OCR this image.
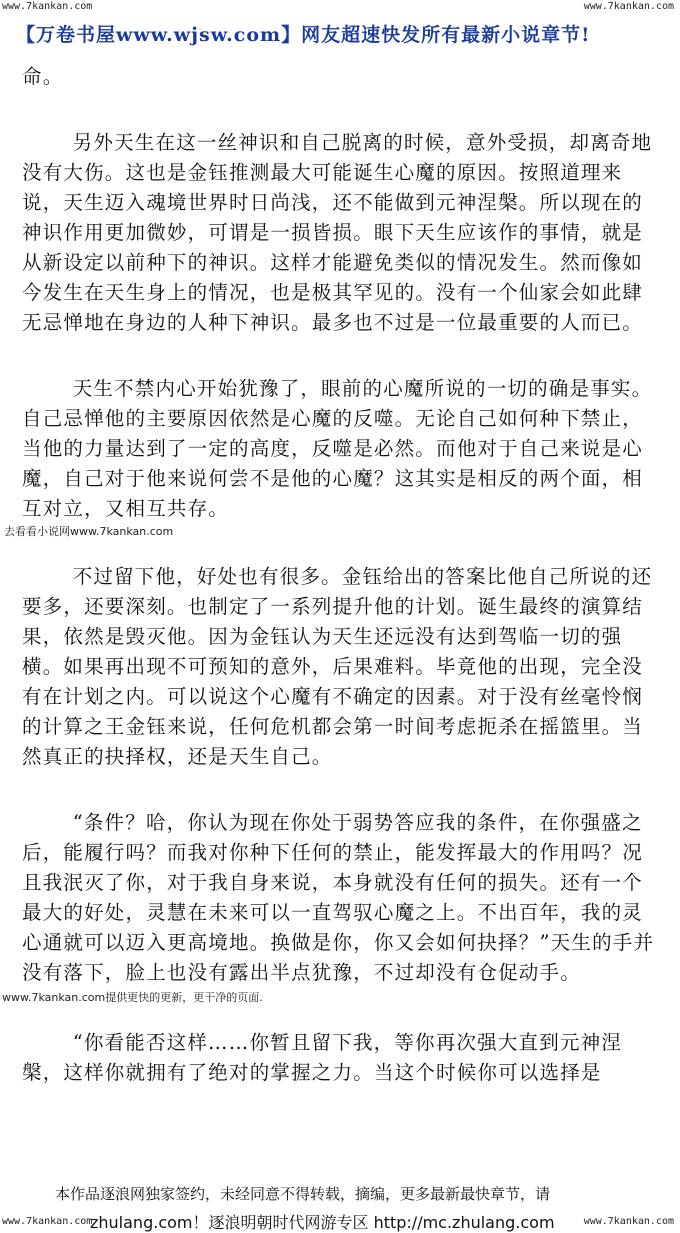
www.7kankan.com	www.7kankan.com
【万卷书屋www.wjsw.com】网友超速快发所有最新小说章节!

命。

另外天生在这一丝神识和自己脱离的时候，意外受损，却离奇地没有大伤。这也是金钰推测最大可能诞生心魔的原因。按照道理来说，天生迈入魂境世界时日尚浅，还不能做到元神涅槃。所以现在的神识作用更加微妙，可谓是一损皆损。眼下天生应该作的事情，就是从新设定以前种下的神识。这样才能避免类似的情况发生。然而像如今发生在天生身上的情况，也是极其罕见的。没有一个仙家会如此肆无忌惮地在身边的人种下神识。最多也不过是一位最重要的人而已。

天生不禁内心开始犹豫了，眼前的心魔所说的一切的确是事实。自己忌惮他的主要原因依然是心魔的反噬。无论自己如何种下禁止，当他的力量达到了一定的高度，反噬是必然。而他对于自己来说是心魔，自己对于他来说何尝不是他的心魔？这其实是相反的两个面，相互对立，又相互共存。

去看看小说网www.7kankan.com

不过留下他，好处也有很多。金钰给出的答案比他自己所说的还要多，还要深刻。也制定了一系列提升他的计划。诞生最终的演算结果，依然是毁灭他。因为金钰认为天生还远没有达到驾临一切的强横。如果再出现不可预知的意外，后果难料。毕竟他的出现，完全没有在计划之内。可以说这个心魔有不确定的因素。对于没有丝毫怜悯的计算之王金钰来说，任何危机都会第一时间考虑扼杀在摇篮里。当然真正的抉择权，还是天生自己。

“条件？哈，你认为现在你处于弱势答应我的条件，在你强盛之后，能履行吗？而我对你种下任何的禁止，能发挥最大的作用吗？况且我泯灭了你，对于我自身来说，本身就没有任何的损失。还有一个最大的好处，灵慧在未来可以一直驾驭心魔之上。不出百年，我的灵心通就可以迈入更高境地。换做是你，你又会如何抉择？”天生的手并没有落下，脸上也没有露出半点犹豫，不过却没有仓促动手。

www.7kankan.com提供更快的更新，更干净的页面.

“你看能否这样……你暂且留下我，等你再次强大直到元神涅槃，这样你就拥有了绝对的掌握之力。当这个时候你可以选择是

本作品逐浪网独家签约，未经同意不得转载，摘编，更多最新最快章节，请
zhulang.com！逐浪明朝时代网游专区 http://mc.zhulang.com
www.7kankan.com	www.7kankan.com
